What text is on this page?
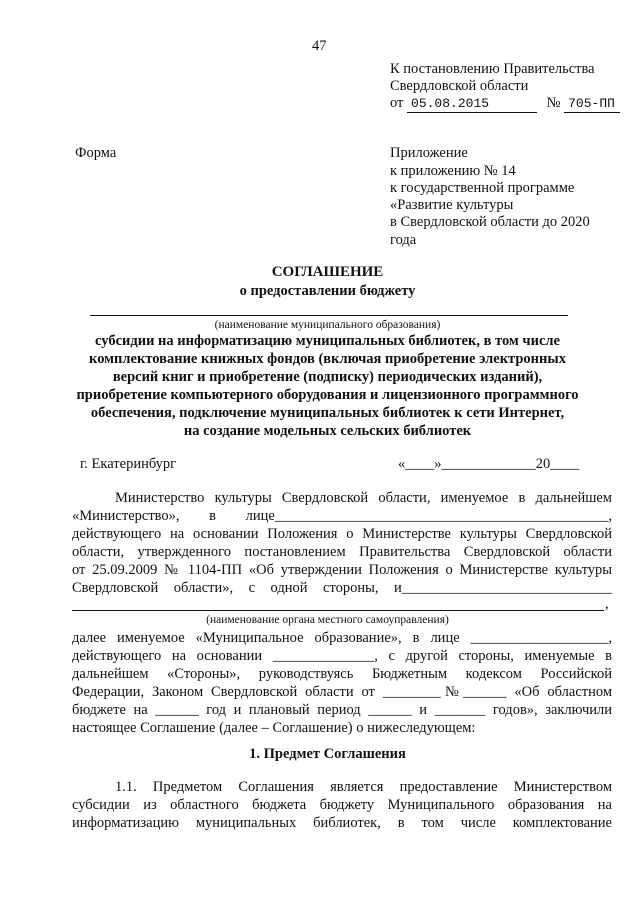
47
К постановлению Правительства
Свердловской области
от 05.08.2015	№ 705-ПП
Форма	Приложение
к приложению № 14
к государственной программе
«Развитие культуры
в Свердловской области до 2020
года
СОГЛАШЕНИЕ
о предоставлении бюджету
(наименование муниципального образования)
субсидии на информатизацию муниципальных библиотек, в том числе
комплектование книжных фондов (включая приобретение электронных
версий книг и приобретение (подписку) периодических изданий),
приобретение компьютерного оборудования и лицензионного программного
обеспечения, подключение муниципальных библиотек к сети Интернет,
на создание модельных сельских библиотек
г. Екатеринбург	«____»_____________20____
Министерство культуры Свердловской области, именуемое в дальнейшем
«Министерство», в лице______________________________________________,
действующего на основании Положения о Министерстве культуры Свердловской
области, утвержденного постановлением Правительства Свердловской области
от 25.09.2009 № 1104-ПП «Об утверждении Положения о Министерстве культуры
Свердловской области», с одной стороны, и_____________________________
,
(наименование органа местного самоуправления)
далее именуемое «Муниципальное образование», в лице ___________________,
действующего на основании ______________, с другой стороны, именуемые в
дальнейшем «Стороны», руководствуясь Бюджетным кодексом Российской
Федерации, Законом Свердловской области от ________№______ «Об областном
бюджете на ______ год и плановый период ______ и _______ годов», заключили
настоящее Соглашение (далее – Соглашение) о нижеследующем:
1. Предмет Соглашения
1.1. Предметом Соглашения является предоставление Министерством
субсидии из областного бюджета бюджету Муниципального образования на
информатизацию муниципальных библиотек, в том числе комплектование
